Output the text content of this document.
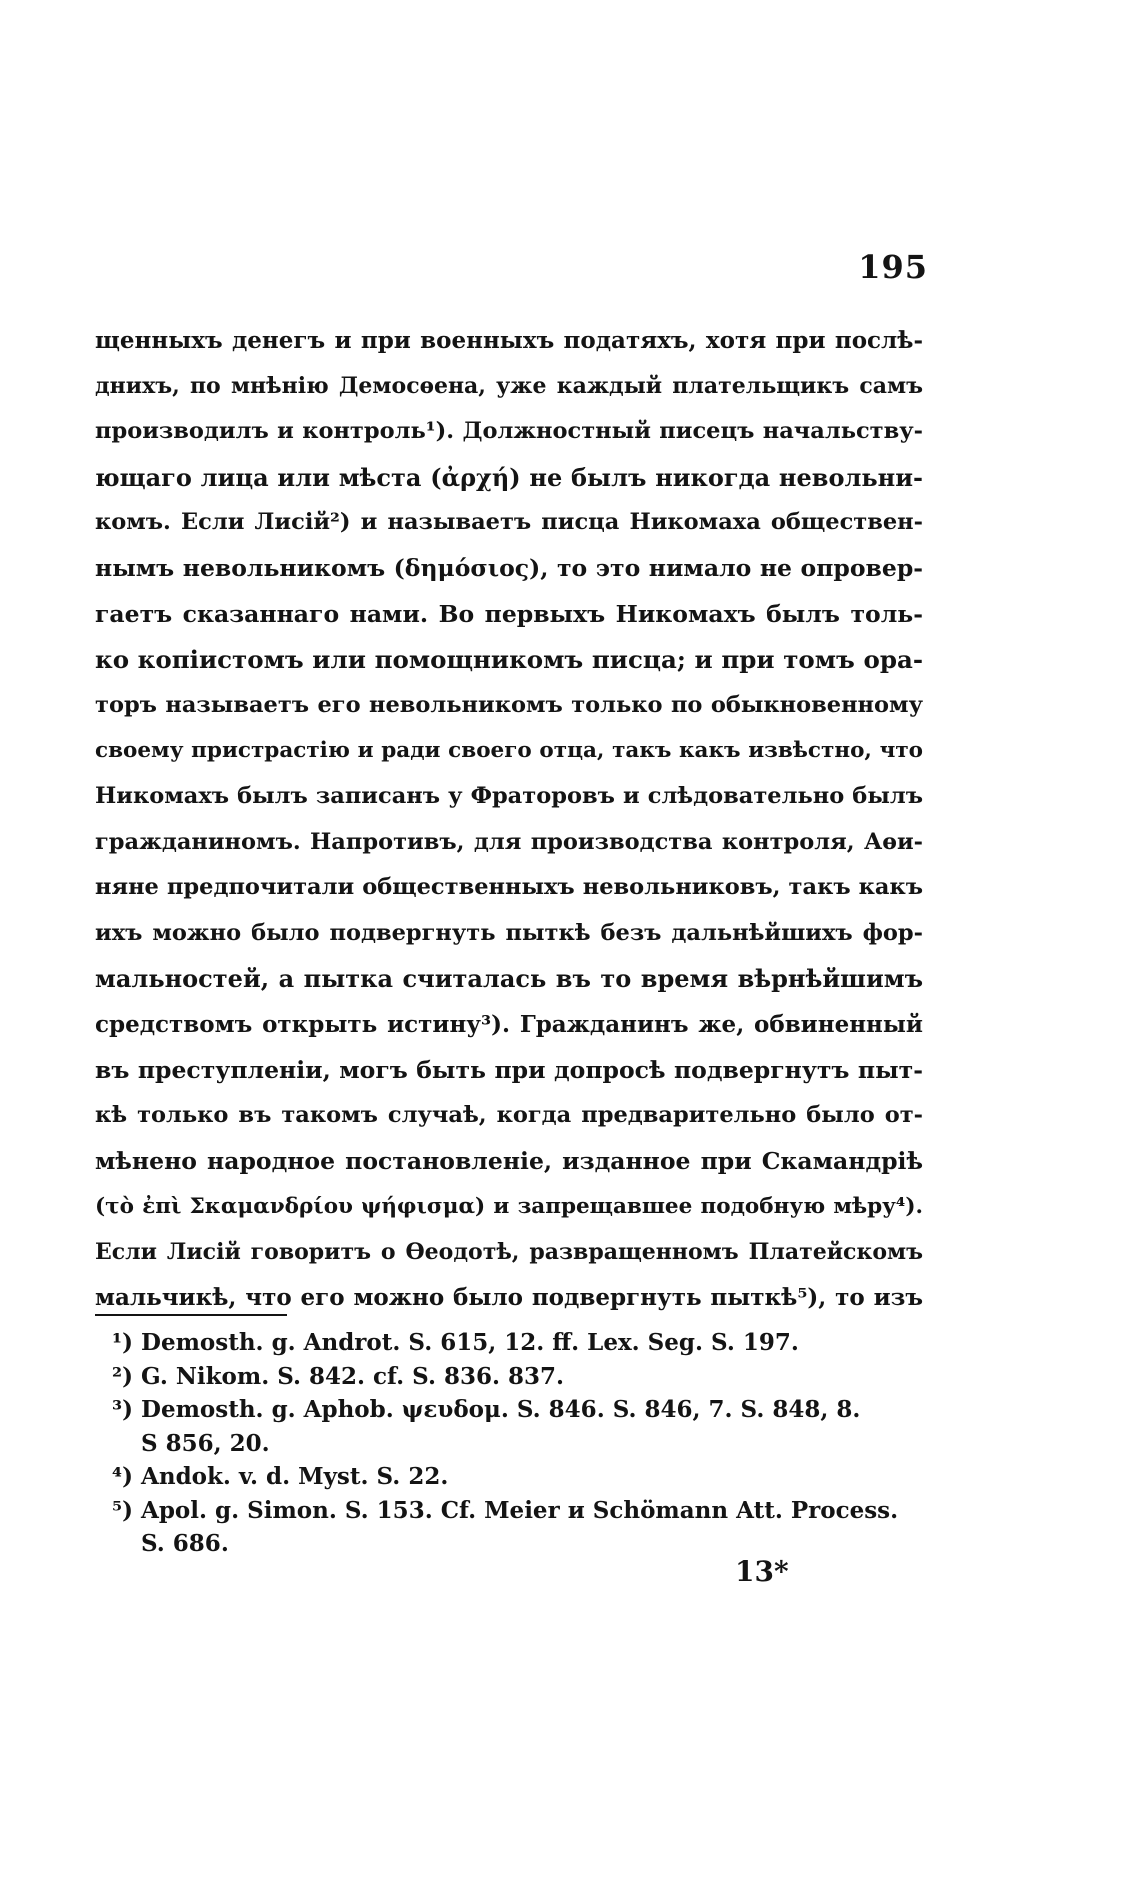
195
щенныхъ денегъ и при военныхъ податяхъ, хотя при послѣ-
днихъ, по мнѣнію Демосѳена, уже каждый плательщикъ самъ
производилъ и контроль¹). Должностный писецъ начальству-
ющаго лица или мѣста (ἀρχή) не былъ никогда невольни-
комъ. Если Лисій²) и называетъ писца Никомаха обществен-
нымъ невольникомъ (δημόσιος), то это нимало не опровер-
гаетъ сказаннаго нами. Во первыхъ Никомахъ былъ толь-
ко копіистомъ или помощникомъ писца; и при томъ ора-
торъ называетъ его невольникомъ только по обыкновенному
своему пристрастію и ради своего отца, такъ какъ извѣстно, что
Никомахъ былъ записанъ у Фраторовъ и слѣдовательно былъ
гражданиномъ. Напротивъ, для производства контроля, Аѳи-
няне предпочитали общественныхъ невольниковъ, такъ какъ
ихъ можно было подвергнуть пыткѣ безъ дальнѣйшихъ фор-
мальностей, а пытка считалась въ то время вѣрнѣйшимъ
средствомъ открыть истину³). Гражданинъ же, обвиненный
въ преступленіи, могъ быть при допросѣ подвергнутъ пыт-
кѣ только въ такомъ случаѣ, когда предварительно было от-
мѣнено народное постановленіе, изданное при Скамандріѣ
(τὸ ἐπὶ Σκαμανδρίου ψήφισμα) и запрещавшее подобную мѣру⁴).
Если Лисій говоритъ о Ѳеодотѣ, развращенномъ Платейскомъ
мальчикѣ, что его можно было подвергнуть пыткѣ⁵), то изъ
¹) Demosth. g. Androt. S. 615, 12. ff. Lex. Seg. S. 197.
²) G. Nikom. S. 842. cf. S. 836. 837.
³) Demosth. g. Aphob. ψευδομ. S. 846. S. 846, 7. S. 848, 8.
S 856, 20.
⁴) Andok. v. d. Myst. S. 22.
⁵) Apol. g. Simon. S. 153. Cf. Meier и Schömann Att. Process.
S. 686.
13*
